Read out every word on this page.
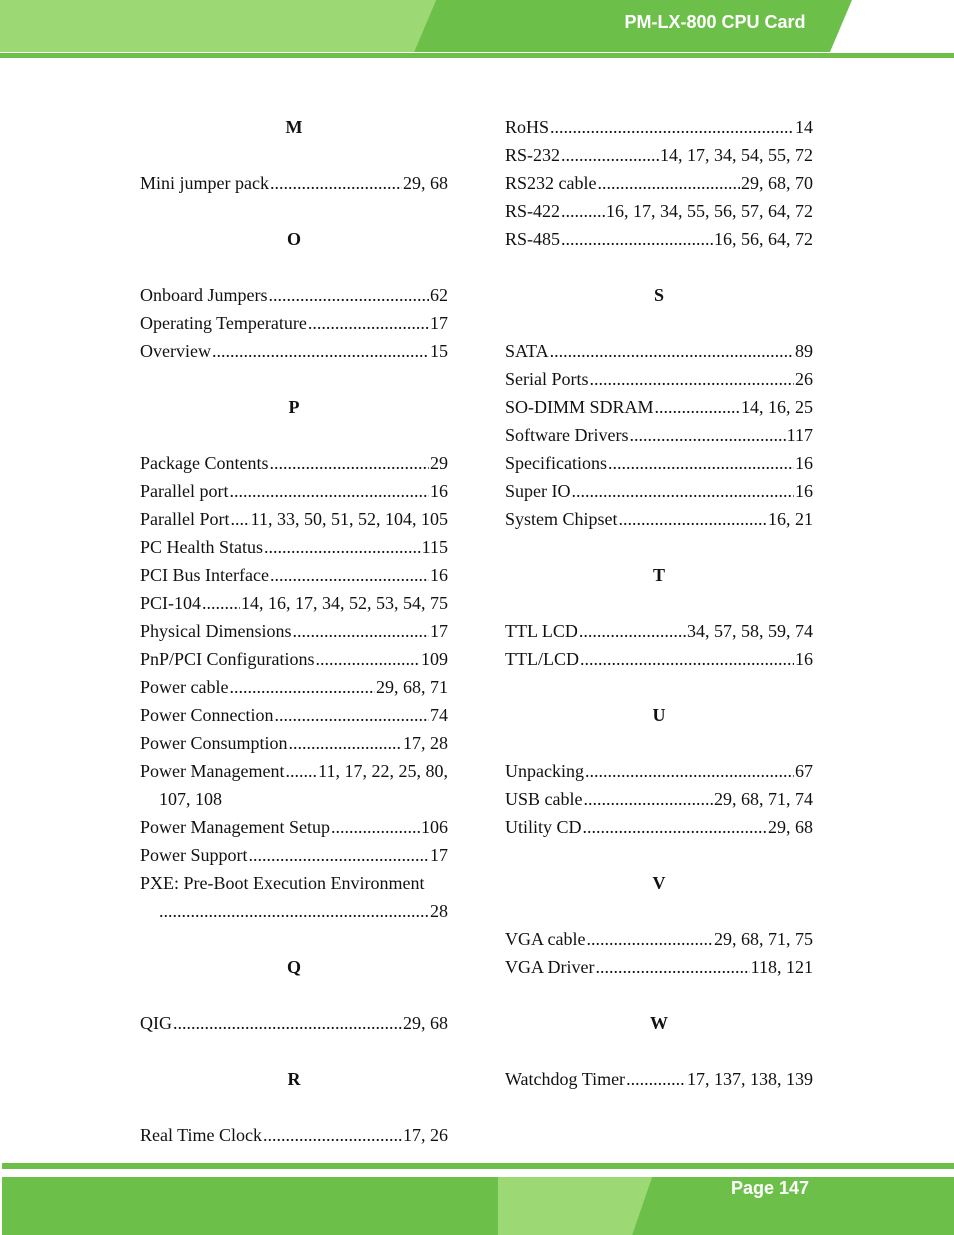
PM-LX-800 CPU Card
M
Mini jumper pack .....	29, 68
O
Onboard Jumpers .....	62
Operating Temperature .....	17
Overview .....	15
P
Package Contents .....	29
Parallel port .....	16
Parallel Port ..... 11, 33, 50, 51, 52, 104, 105
PC Health Status .....	115
PCI Bus Interface .....	16
PCI-104 ..... 14, 16, 17, 34, 52, 53, 54, 75
Physical Dimensions .....	17
PnP/PCI Configurations .....	109
Power cable .....	29, 68, 71
Power Connection .....	74
Power Consumption .....	17, 28
Power Management ..... 11, 17, 22, 25, 80,
107, 108
Power Management Setup .....	106
Power Support .....	17
PXE: Pre-Boot Execution Environment
.....
28
Q
QIG .....	29, 68
R
Real Time Clock .....	17, 26
RoHS .....	14
RS-232 .....	14, 17, 34, 54, 55, 72
RS232 cable .....	29, 68, 70
RS-422 .....	16, 17, 34, 55, 56, 57, 64, 72
RS-485 .....	16, 56, 64, 72
S
SATA .....	89
Serial Ports .....	26
SO-DIMM SDRAM .....	14, 16, 25
Software Drivers .....	117
Specifications .....	16
Super IO .....	16
System Chipset .....	16, 21
T
TTL LCD .....	34, 57, 58, 59, 74
TTL/LCD .....	16
U
Unpacking .....	67
USB cable .....	29, 68, 71, 74
Utility CD .....	29, 68
V
VGA cable .....	29, 68, 71, 75
VGA Driver .....	118, 121
W
Watchdog Timer .....	17, 137, 138, 139
Page 147
